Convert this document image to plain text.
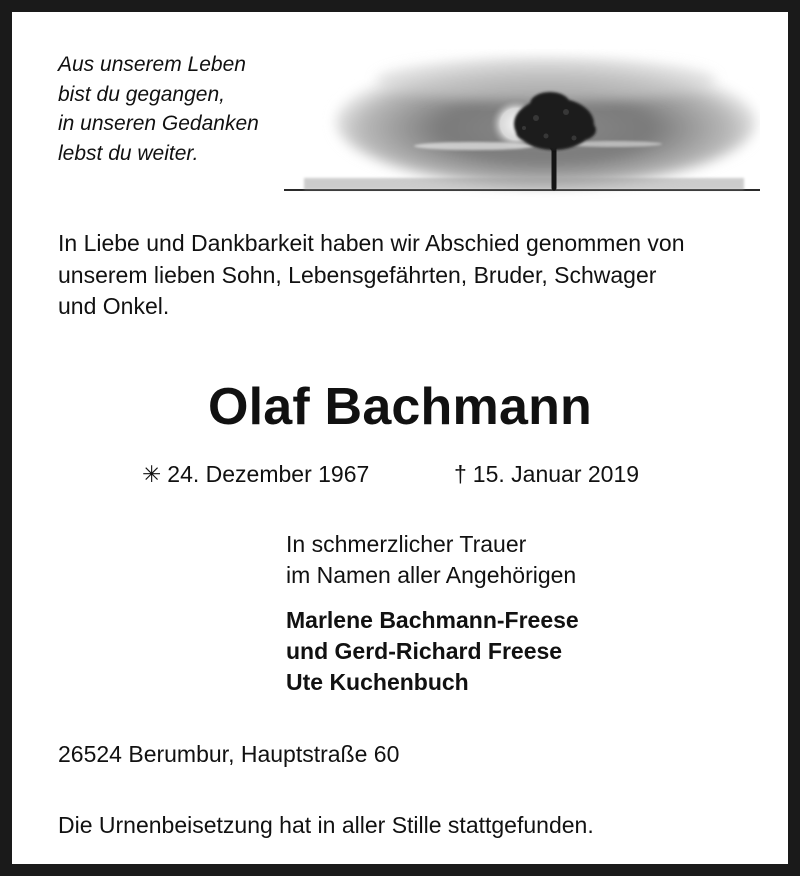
Aus unserem Leben
bist du gegangen,
in unseren Gedanken
lebst du weiter.
In Liebe und Dankbarkeit haben wir Abschied genommen von
unserem lieben Sohn, Lebensgefährten, Bruder, Schwager
und Onkel.
Olaf Bachmann
✳ 24. Dezember 1967	† 15. Januar 2019
In schmerzlicher Trauer
im Namen aller Angehörigen
Marlene Bachmann-Freese
und Gerd-Richard Freese
Ute Kuchenbuch
26524 Berumbur, Hauptstraße 60
Die Urnenbeisetzung hat in aller Stille stattgefunden.
